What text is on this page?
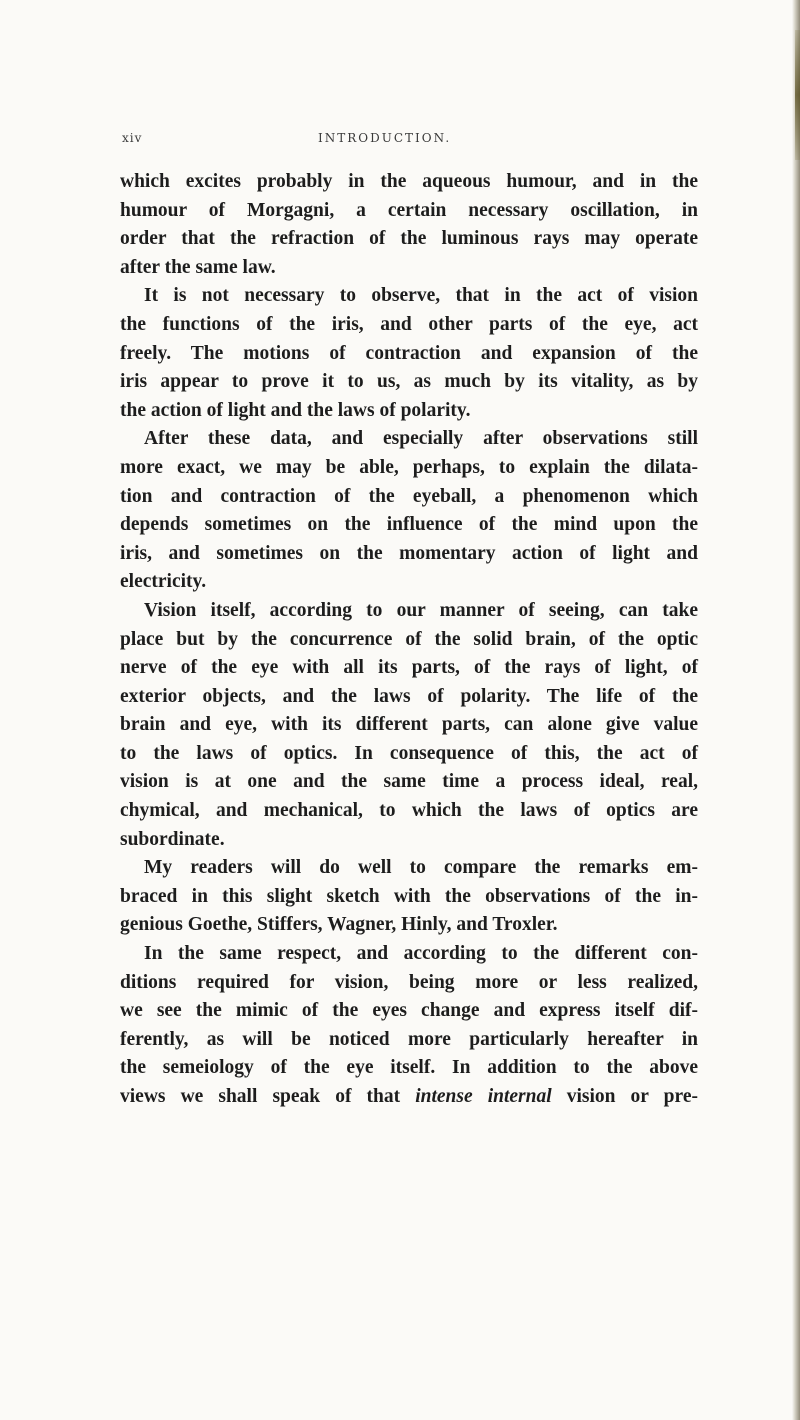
xiv	INTRODUCTION.
which excites probably in the aqueous humour, and in the
humour of Morgagni, a certain necessary oscillation, in
order that the refraction of the luminous rays may operate
after the same law.
It is not necessary to observe, that in the act of vision
the functions of the iris, and other parts of the eye, act
freely. The motions of contraction and expansion of the
iris appear to prove it to us, as much by its vitality, as by
the action of light and the laws of polarity.
After these data, and especially after observations still
more exact, we may be able, perhaps, to explain the dilata-
tion and contraction of the eyeball, a phenomenon which
depends sometimes on the influence of the mind upon the
iris, and sometimes on the momentary action of light and
electricity.
Vision itself, according to our manner of seeing, can take
place but by the concurrence of the solid brain, of the optic
nerve of the eye with all its parts, of the rays of light, of
exterior objects, and the laws of polarity. The life of the
brain and eye, with its different parts, can alone give value
to the laws of optics. In consequence of this, the act of
vision is at one and the same time a process ideal, real,
chymical, and mechanical, to which the laws of optics are
subordinate.
My readers will do well to compare the remarks em-
braced in this slight sketch with the observations of the in-
genious Goethe, Stiffers, Wagner, Hinly, and Troxler.
In the same respect, and according to the different con-
ditions required for vision, being more or less realized,
we see the mimic of the eyes change and express itself dif-
ferently, as will be noticed more particularly hereafter in
the semeiology of the eye itself. In addition to the above
views we shall speak of that intense internal vision or pre-
